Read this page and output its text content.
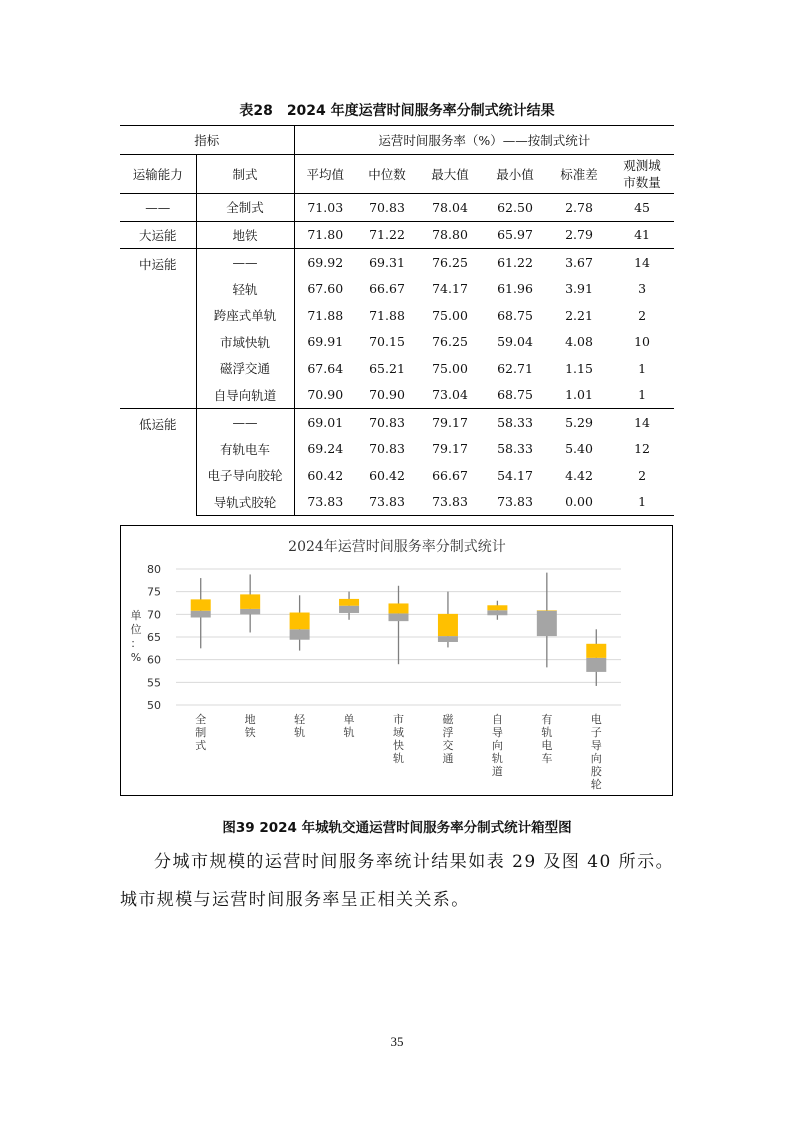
表28 2024 年度运营时间服务率分制式统计结果
指标		运营时间服务率（%）——按制式统计					
运输能力	制式	平均值	中位数	最大值	最小值	标准差	观测城
市数量
——	全制式	71.03	70.83	78.04	62.50	2.78	45
大运能	地铁	71.80	71.22	78.80	65.97	2.79	41
中运能	——	69.92	69.31	76.25	61.22	3.67	14
	轻轨	67.60	66.67	74.17	61.96	3.91	3
	跨座式单轨	71.88	71.88	75.00	68.75	2.21	2
	市域快轨	69.91	70.15	76.25	59.04	4.08	10
	磁浮交通	67.64	65.21	75.00	62.71	1.15	1
	自导向轨道	70.90	70.90	73.04	68.75	1.01	1
低运能	——	69.01	70.83	79.17	58.33	5.29	14
	有轨电车	69.24	70.83	79.17	58.33	5.40	12
	电子导向胶轮	60.42	60.42	66.67	54.17	4.42	2
	导轨式胶轮	73.83	73.83	73.83	73.83	0.00	1
2024年运营时间服务率分制式统计
50
55
60
65
70
75
80
单
位
：
%
全
制
式
地
铁
轻
轨
单
轨
市
域
快
轨
磁
浮
交
通
自
导
向
轨
道
有
轨
电
车
电
子
导
向
胶
轮
图39 2024 年城轨交通运营时间服务率分制式统计箱型图
分城市规模的运营时间服务率统计结果如表 29 及图 40 所示。城市规模与运营时间服务率呈正相关关系。
35
